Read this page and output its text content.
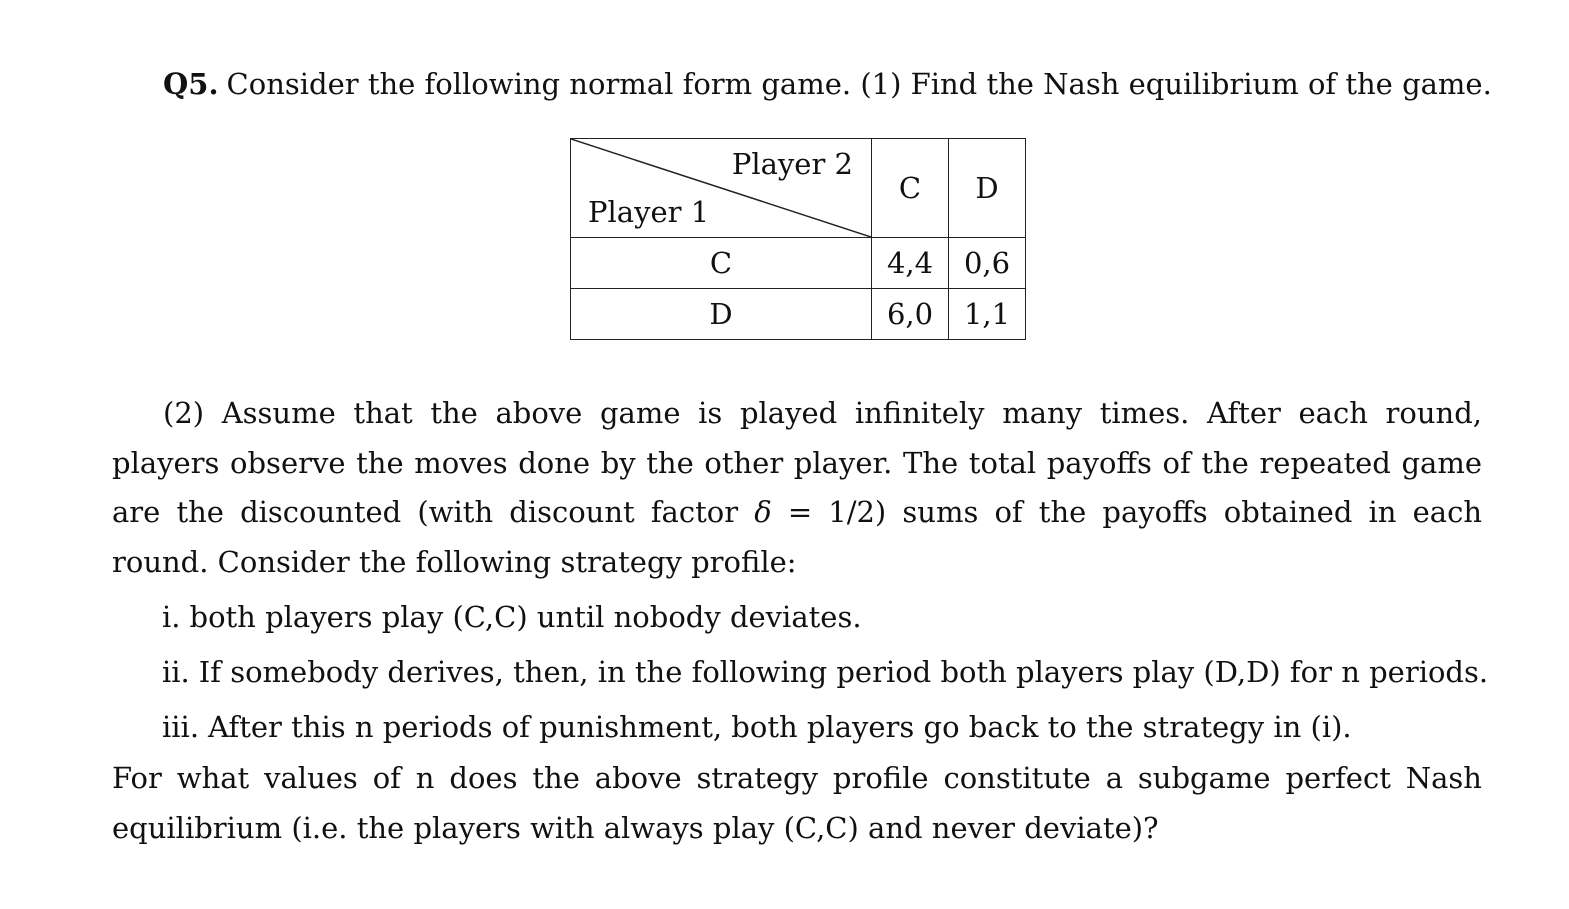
Q5. Consider the following normal form game. (1) Find the Nash equilibrium of the game.
Player 2
Player 1	C	D
C	4,4	0,6
D	6,0	1,1
(2) Assume that the above game is played infinitely many times. After each round, players observe the moves done by the other player. The total payoffs of the repeated game are the discounted (with discount factor δ = 1/2) sums of the payoffs obtained in each round. Consider the following strategy profile:
i. both players play (C,C) until nobody deviates.
ii. If somebody derives, then, in the following period both players play (D,D) for n periods.
iii. After this n periods of punishment, both players go back to the strategy in (i).
For what values of n does the above strategy profile constitute a subgame perfect Nash equilibrium (i.e. the players with always play (C,C) and never deviate)?
